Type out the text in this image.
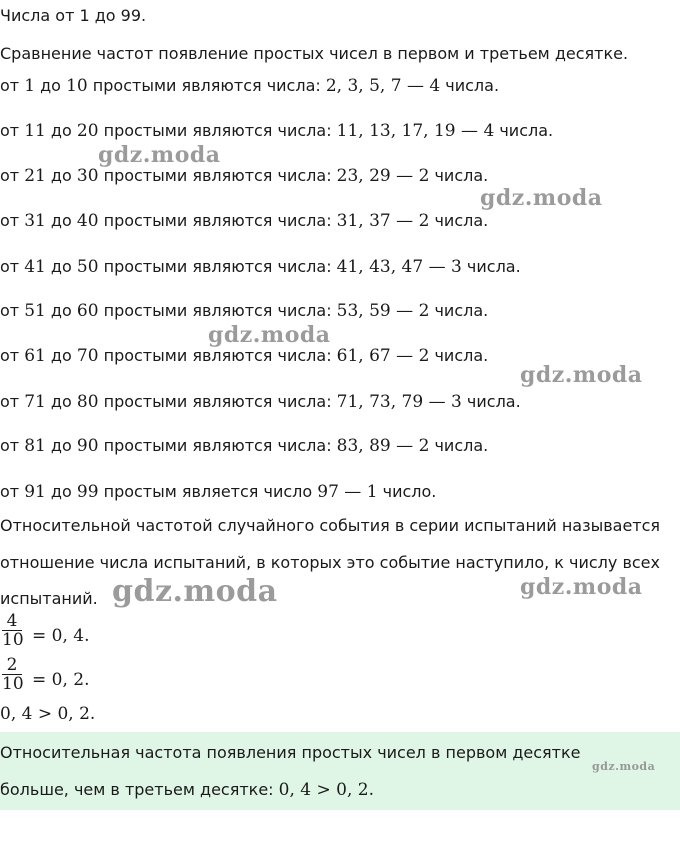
Числа от 1 до 99.
Сравнение частот появление простых чисел в первом и третьем десятке.
от 1 до 10 простыми являются числа: 2, 3, 5, 7 — 4 числа.
от 11 до 20 простыми являются числа: 11, 13, 17, 19 — 4 числа.
от 21 до 30 простыми являются числа: 23, 29 — 2 числа.
от 31 до 40 простыми являются числа: 31, 37 — 2 числа.
от 41 до 50 простыми являются числа: 41, 43, 47 — 3 числа.
от 51 до 60 простыми являются числа: 53, 59 — 2 числа.
от 61 до 70 простыми являются числа: 61, 67 — 2 числа.
от 71 до 80 простыми являются числа: 71, 73, 79 — 3 числа.
от 81 до 90 простыми являются числа: 83, 89 — 2 числа.
от 91 до 99 простым является число 97 — 1 число.
Относительной частотой случайного события в серии испытаний называется
отношение числа испытаний, в которых это событие наступило, к числу всех
испытаний.
4
10 = 0, 4.
2
10 = 0, 2.
0, 4 > 0, 2.
Относительная частота появления простых чисел в первом десятке
больше, чем в третьем десятке: 0, 4 > 0, 2.
gdz.moda
gdz.moda
gdz.moda
gdz.moda
gdz.moda	gdz.moda
gdz.moda
